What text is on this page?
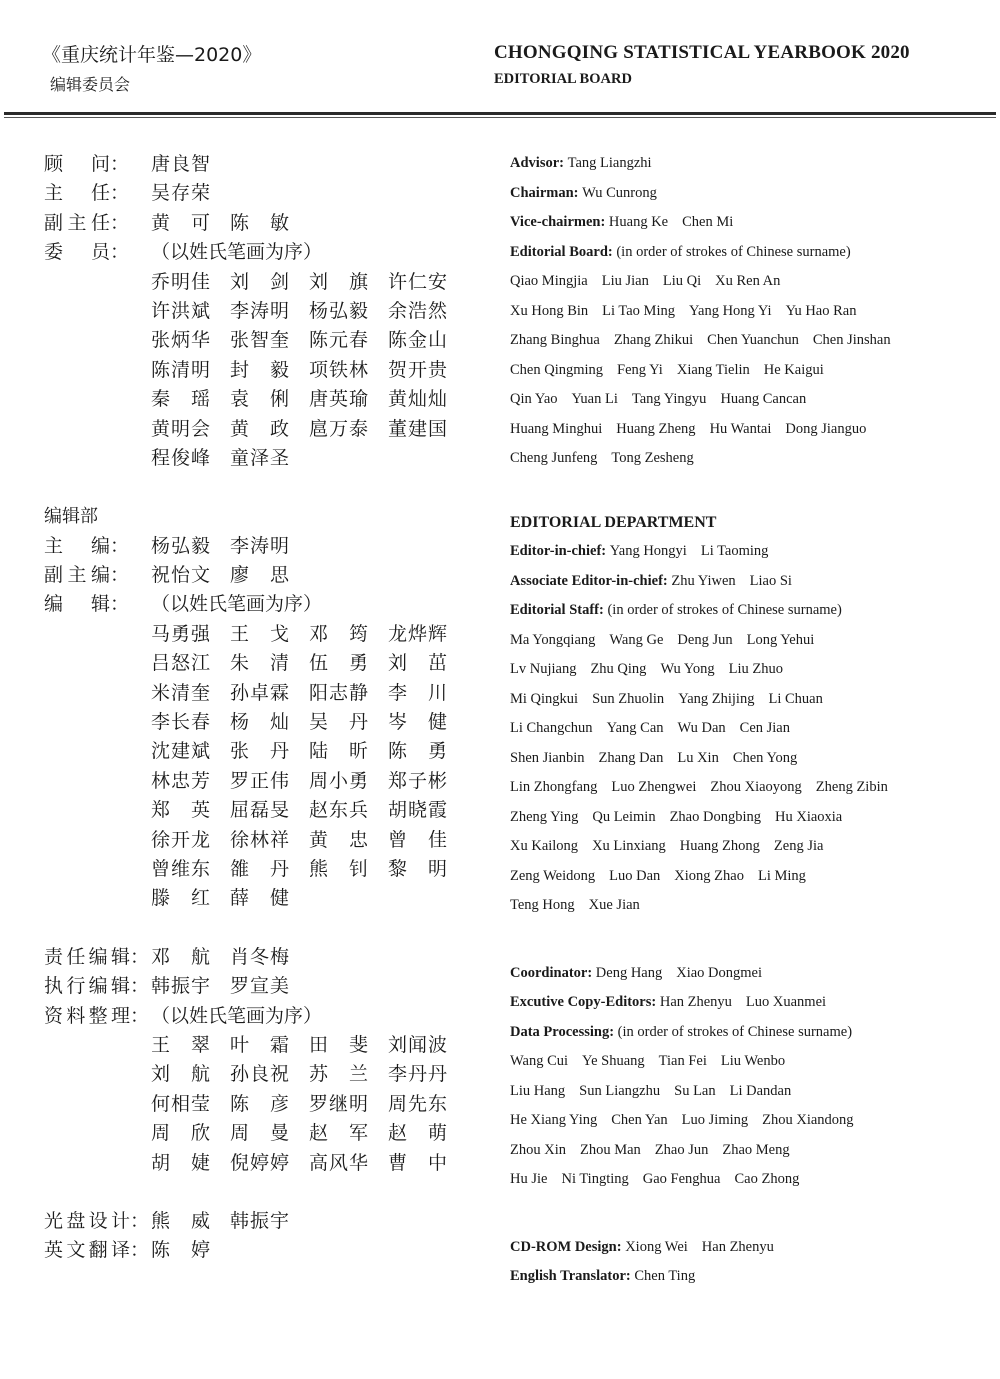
《重庆统计年鉴—2020》
编辑委员会
CHONGQING STATISTICAL YEARBOOK 2020
EDITORIAL BOARD
顾 问 ： 唐 良 智
主 任 ： 吴 存 荣
副 主 任 ： 黄 可 陈 敏
委 员 ： （以姓氏笔画为序）
乔 明 佳 刘 剑 刘 旗 许 仁 安
许 洪 斌 李 涛 明 杨 弘 毅 余 浩 然
张 炳 华 张 智 奎 陈 元 春 陈 金 山
陈 清 明 封 毅 项 铁 林 贺 开 贵
秦 瑶 袁 俐 唐 英 瑜 黄 灿 灿
黄 明 会 黄 政 扈 万 泰 董 建 国
程 俊 峰 童 泽 圣
编辑部
主 编 ： 杨 弘 毅 李 涛 明
副 主 编 ： 祝 怡 文 廖 思
编 辑 ： （以姓氏笔画为序）
马 勇 强 王 戈 邓 筠 龙 烨 辉
吕 怒 江 朱 清 伍 勇 刘 茁
米 清 奎 孙 卓 霖 阳 志 静 李 川
李 长 春 杨 灿 吴 丹 岑 健
沈 建 斌 张 丹 陆 昕 陈 勇
林 忠 芳 罗 正 伟 周 小 勇 郑 子 彬
郑 英 屈 磊 旻 赵 东 兵 胡 晓 霞
徐 开 龙 徐 林 祥 黄 忠 曾 佳
曾 维 东 雒 丹 熊 钊 黎 明
滕 红 薛 健
责 任 编 辑 ： 邓 航 肖 冬 梅
执 行 编 辑 ： 韩 振 宇 罗 宣 美
资 料 整 理 ： （以姓氏笔画为序）
王 翠 叶 霜 田 斐 刘 闻 波
刘 航 孙 良 祝 苏 兰 李 丹 丹
何 相 莹 陈 彦 罗 继 明 周 先 东
周 欣 周 曼 赵 军 赵 萌
胡 婕 倪 婷 婷 高 风 华 曹 中
光 盘 设 计 ： 熊 威 韩 振 宇
英 文 翻 译 ： 陈 婷
Advisor: Tang Liangzhi
Chairman: Wu Cunrong
Vice-chairmen: Huang Ke Chen Mi
Editorial Board: (in order of strokes of Chinese surname)
Qiao Mingjia Liu Jian Liu Qi Xu Ren An
Xu Hong Bin Li Tao Ming Yang Hong Yi Yu Hao Ran
Zhang Binghua Zhang Zhikui Chen Yuanchun Chen Jinshan
Chen Qingming Feng Yi Xiang Tielin He Kaigui
Qin Yao Yuan Li Tang Yingyu Huang Cancan
Huang Minghui Huang Zheng Hu Wantai Dong Jianguo
Cheng Junfeng Tong Zesheng
EDITORIAL DEPARTMENT
Editor-in-chief: Yang Hongyi Li Taoming
Associate Editor-in-chief: Zhu Yiwen Liao Si
Editorial Staff: (in order of strokes of Chinese surname)
Ma Yongqiang Wang Ge Deng Jun Long Yehui
Lv Nujiang Zhu Qing Wu Yong Liu Zhuo
Mi Qingkui Sun Zhuolin Yang Zhijing Li Chuan
Li Changchun Yang Can Wu Dan Cen Jian
Shen Jianbin Zhang Dan Lu Xin Chen Yong
Lin Zhongfang Luo Zhengwei Zhou Xiaoyong Zheng Zibin
Zheng Ying Qu Leimin Zhao Dongbing Hu Xiaoxia
Xu Kailong Xu Linxiang Huang Zhong Zeng Jia
Zeng Weidong Luo Dan Xiong Zhao Li Ming
Teng Hong Xue Jian
Coordinator: Deng Hang Xiao Dongmei
Excutive Copy-Editors: Han Zhenyu Luo Xuanmei
Data Processing: (in order of strokes of Chinese surname)
Wang Cui Ye Shuang Tian Fei Liu Wenbo
Liu Hang Sun Liangzhu Su Lan Li Dandan
He Xiang Ying Chen Yan Luo Jiming Zhou Xiandong
Zhou Xin Zhou Man Zhao Jun Zhao Meng
Hu Jie Ni Tingting Gao Fenghua Cao Zhong
CD-ROM Design: Xiong Wei Han Zhenyu
English Translator: Chen Ting
